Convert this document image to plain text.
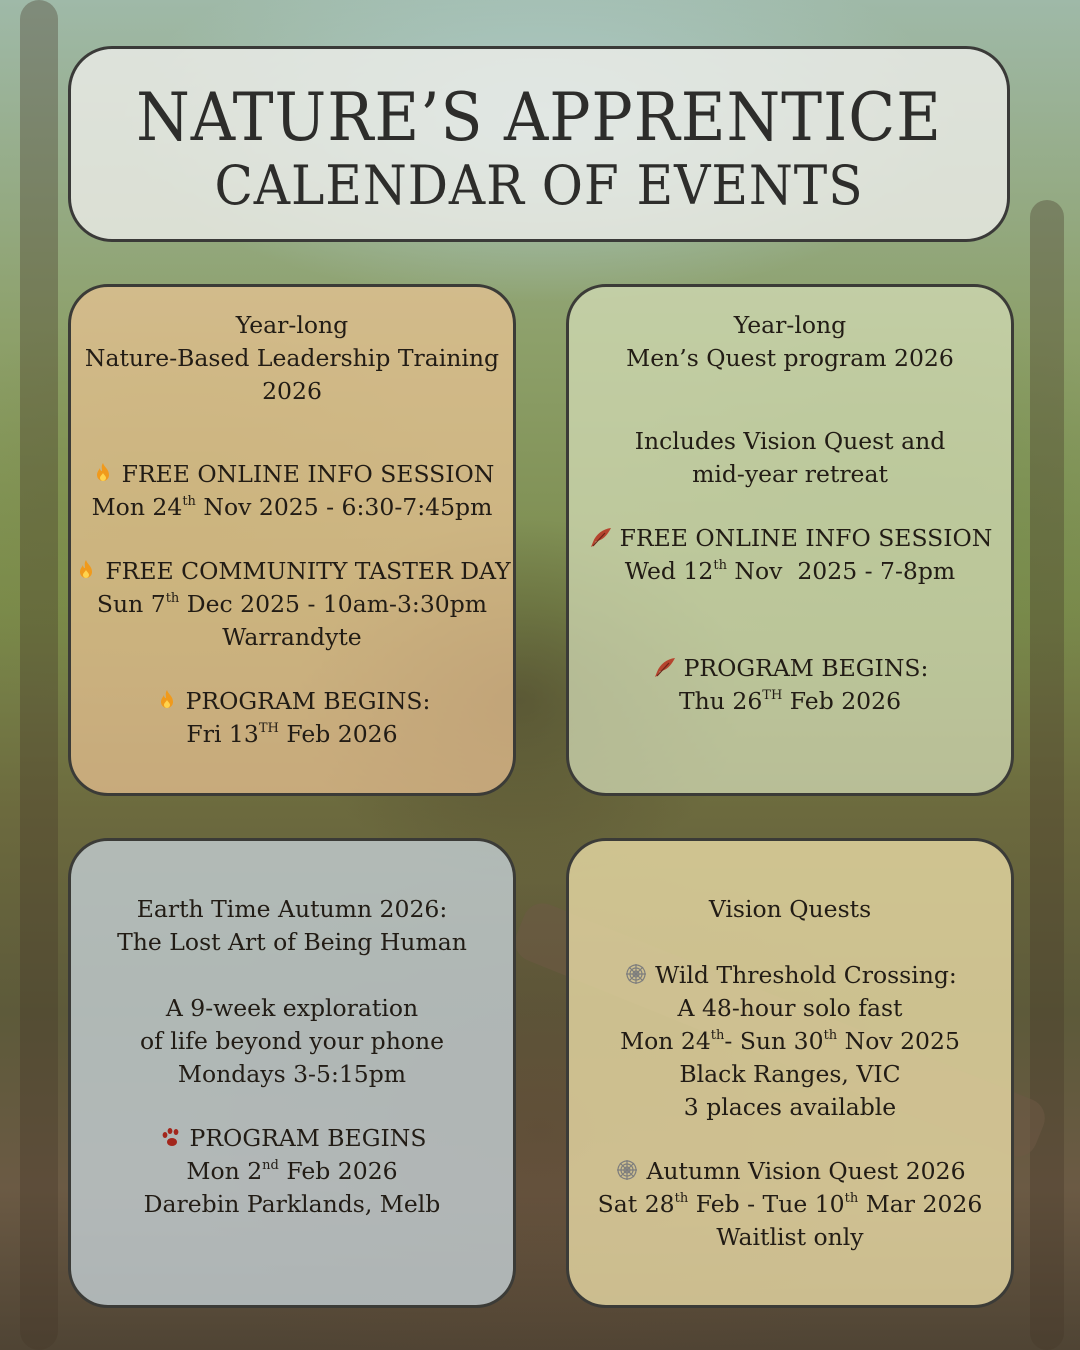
NATURE’S APPRENTICE
CALENDAR OF EVENTS
Year-long
Nature-Based Leadership Training
2026
FREE ONLINE INFO SESSION
Mon 24th Nov 2025 - 6:30-7:45pm
FREE COMMUNITY TASTER DAY
Sun 7th Dec 2025 - 10am-3:30pm
Warrandyte
PROGRAM BEGINS:
Fri 13TH Feb 2026
Year-long
Men’s Quest program 2026
Includes Vision Quest and
mid-year retreat
FREE ONLINE INFO SESSION
Wed 12th Nov  2025 - 7-8pm
PROGRAM BEGINS:
Thu 26TH Feb 2026
Earth Time Autumn 2026:
The Lost Art of Being Human
A 9-week exploration
of life beyond your phone
Mondays 3-5:15pm
PROGRAM BEGINS
Mon 2nd Feb 2026
Darebin Parklands, Melb
Vision Quests
Wild Threshold Crossing:
A 48-hour solo fast
Mon 24th- Sun 30th Nov 2025
Black Ranges, VIC
3 places available
Autumn Vision Quest 2026
Sat 28th Feb - Tue 10th Mar 2026
Waitlist only
